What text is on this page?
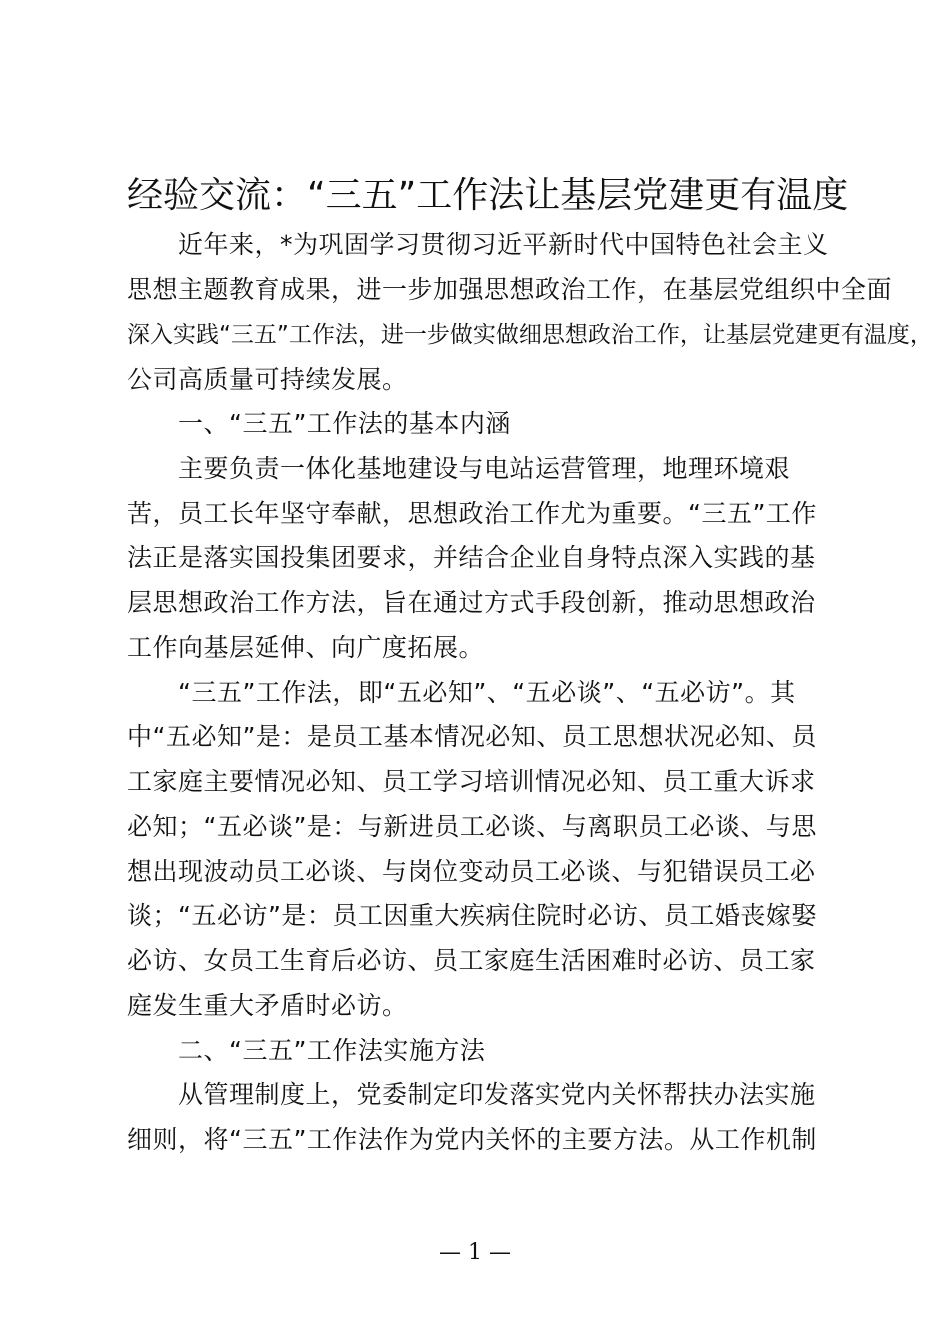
经验交流：“三五”工作法让基层党建更有温度
近年来，*为巩固学习贯彻习近平新时代中国特色社会主义
思想主题教育成果，进一步加强思想政治工作，在基层党组织中全面
深入实践“三五”工作法，进一步做实做细思想政治工作，让基层党建更有温度，
公司高质量可持续发展。
一、“三五”工作法的基本内涵
主要负责一体化基地建设与电站运营管理，地理环境艰
苦，员工长年坚守奉献，思想政治工作尤为重要。“三五”工作
法正是落实国投集团要求，并结合企业自身特点深入实践的基
层思想政治工作方法，旨在通过方式手段创新，推动思想政治
工作向基层延伸、向广度拓展。
“三五”工作法，即“五必知”、“五必谈”、“五必访”。其
中“五必知”是：是员工基本情况必知、员工思想状况必知、员
工家庭主要情况必知、员工学习培训情况必知、员工重大诉求
必知；“五必谈”是：与新进员工必谈、与离职员工必谈、与思
想出现波动员工必谈、与岗位变动员工必谈、与犯错误员工必
谈；“五必访”是：员工因重大疾病住院时必访、员工婚丧嫁娶
必访、女员工生育后必访、员工家庭生活困难时必访、员工家
庭发生重大矛盾时必访。
二、“三五”工作法实施方法
从管理制度上，党委制定印发落实党内关怀帮扶办法实施
细则，将“三五”工作法作为党内关怀的主要方法。从工作机制
— 1 —
